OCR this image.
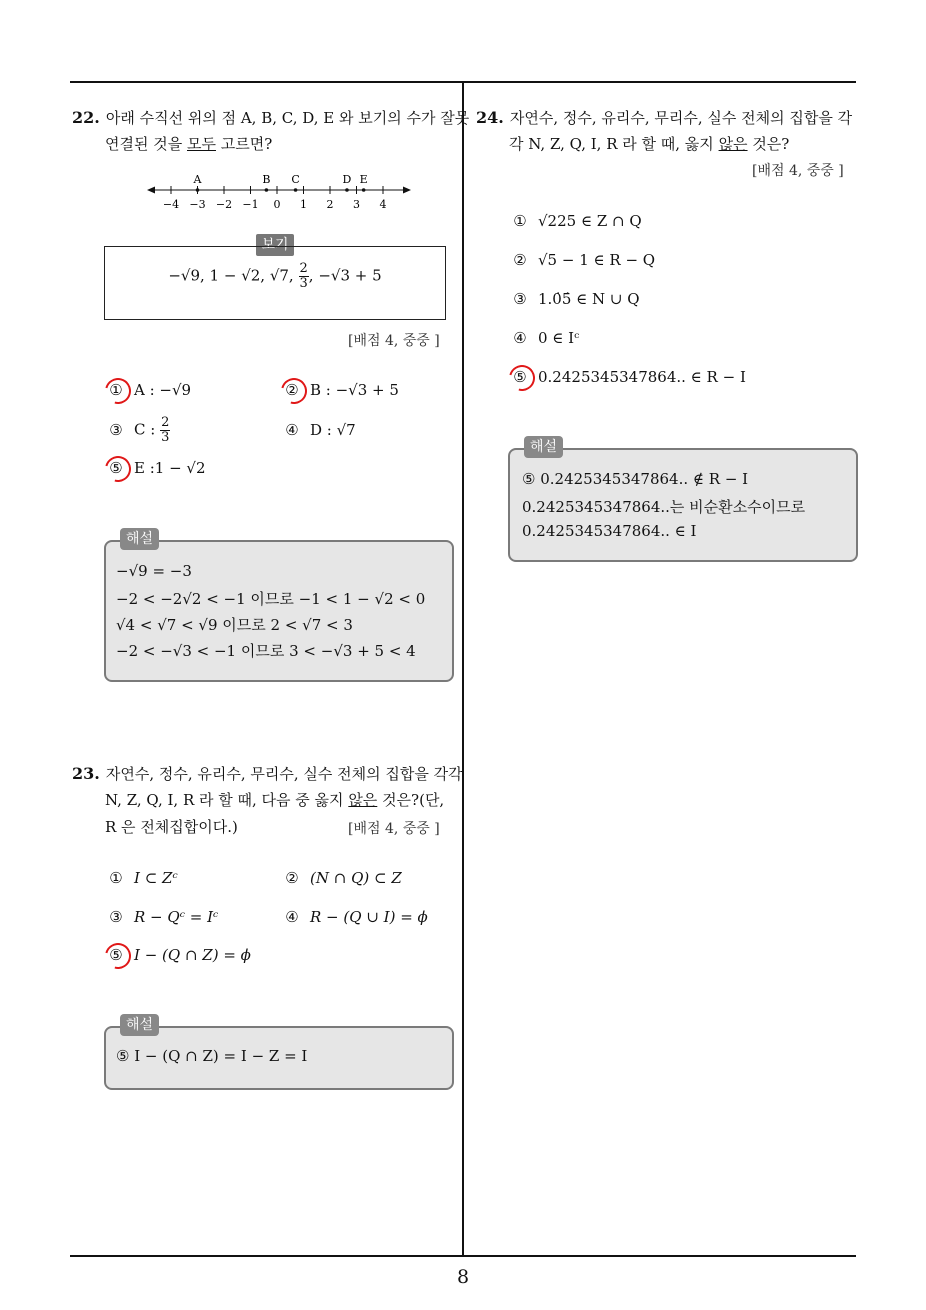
22. 아래 수직선 위의 점 A, B, C, D, E 와 보기의 수가 잘못
연결된 것을 모두 고르면?
−4 −3 −2 −1 0 1 2 3 4
A	B C	D E
보기
−√9, 1 − √2, √7, $\frac{2}{3}$ , −√3 + 5
[배점 4, 중중 ]
① A : −√9	② B : −√3 + 5
③ C : $\frac{2}{3}$	④ D : √7
⑤ E :1 − √2
해설
−√9 = −3
−2 < −2√2 < −1 이므로 −1 < 1 − √2 < 0
√4 < √7 < √9 이므로 2 < √7 < 3
−2 < −√3 < −1 이므로 3 < −√3 + 5 < 4
23. 자연수, 정수, 유리수, 무리수, 실수 전체의 집합을 각각
N, Z, Q, I, R 라 할 때, 다음 중 옳지 않은 것은?(단,
R 은 전체집합이다.)	[배점 4, 중중 ]
① I ⊂ Zᶜ	② (N ∩ Q) ⊂ Z
③ R − Qᶜ = Iᶜ	④ R − (Q ∪ I) = ϕ
⑤ I − (Q ∩ Z) = ϕ
해설
⑤ I − (Q ∩ Z) = I − Z = I
24. 자연수, 정수, 유리수, 무리수, 실수 전체의 집합을 각
각 N, Z, Q, I, R 라 할 때, 옳지 않은 것은?
[배점 4, 중중 ]
① √225 ∈ Z ∩ Q
② √5 − 1 ∈ R − Q
③ 1.0̇5̇ ∈ N ∪ Q
④ 0 ∈ Iᶜ
⑤ 0.2425345347864.. ∈ R − I
해설
⑤ 0.2425345347864.. ∉ R − I
0.2425345347864..는 비순환소수이므로
0.2425345347864.. ∈ I
8
